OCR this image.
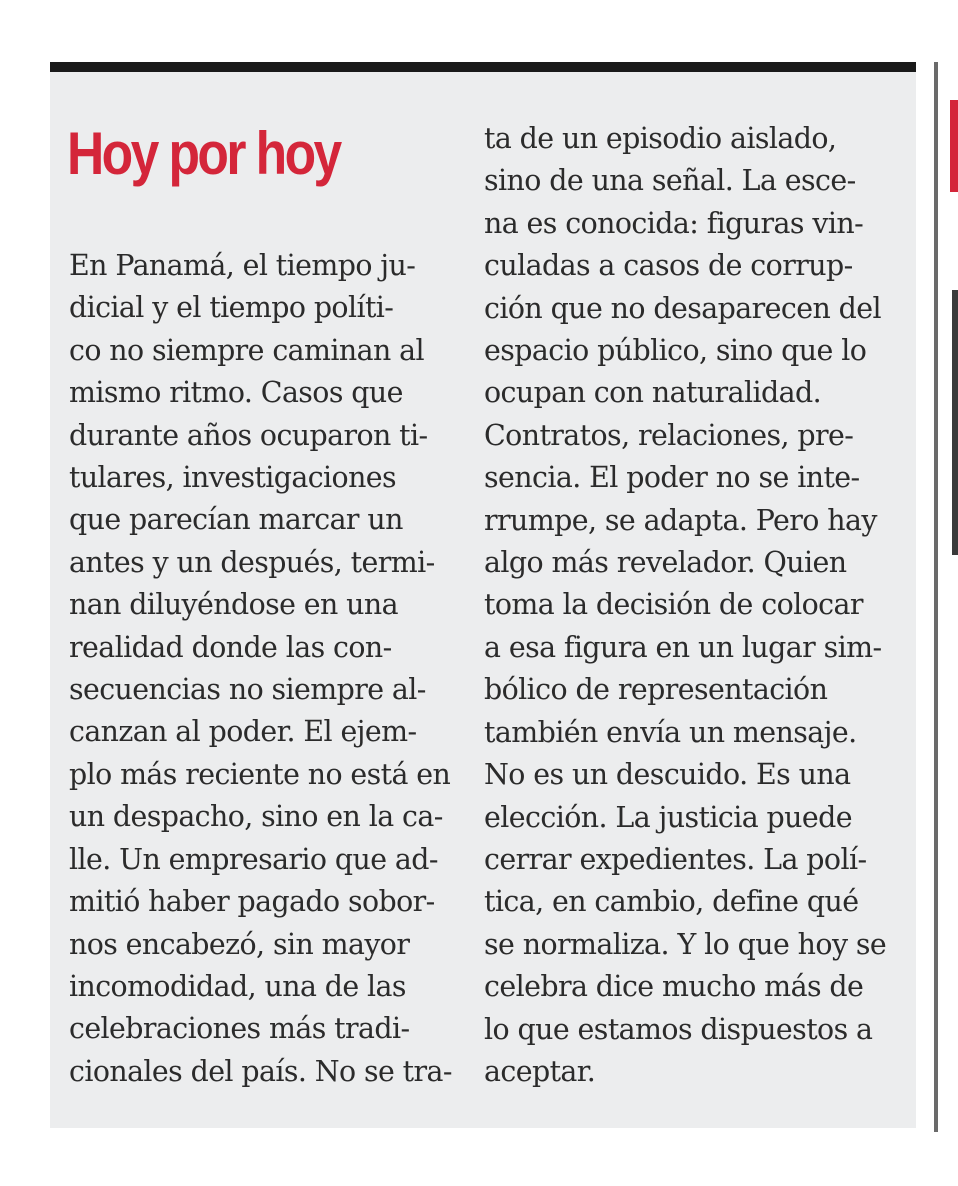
Hoy por hoy
En Panamá, el tiempo ju-
dicial y el tiempo políti-
co no siempre caminan al
mismo ritmo. Casos que
durante años ocuparon ti-
tulares, investigaciones
que parecían marcar un
antes y un después, termi-
nan diluyéndose en una
realidad donde las con-
secuencias no siempre al-
canzan al poder. El ejem-
plo más reciente no está en
un despacho, sino en la ca-
lle. Un empresario que ad-
mitió haber pagado sobor-
nos encabezó, sin mayor
incomodidad, una de las
celebraciones más tradi-
cionales del país. No se tra-
ta de un episodio aislado,
sino de una señal. La esce-
na es conocida: figuras vin-
culadas a casos de corrup-
ción que no desaparecen del
espacio público, sino que lo
ocupan con naturalidad.
Contratos, relaciones, pre-
sencia. El poder no se inte-
rrumpe, se adapta. Pero hay
algo más revelador. Quien
toma la decisión de colocar
a esa figura en un lugar sim-
bólico de representación
también envía un mensaje.
No es un descuido. Es una
elección. La justicia puede
cerrar expedientes. La polí-
tica, en cambio, define qué
se normaliza. Y lo que hoy se
celebra dice mucho más de
lo que estamos dispuestos a
aceptar.
